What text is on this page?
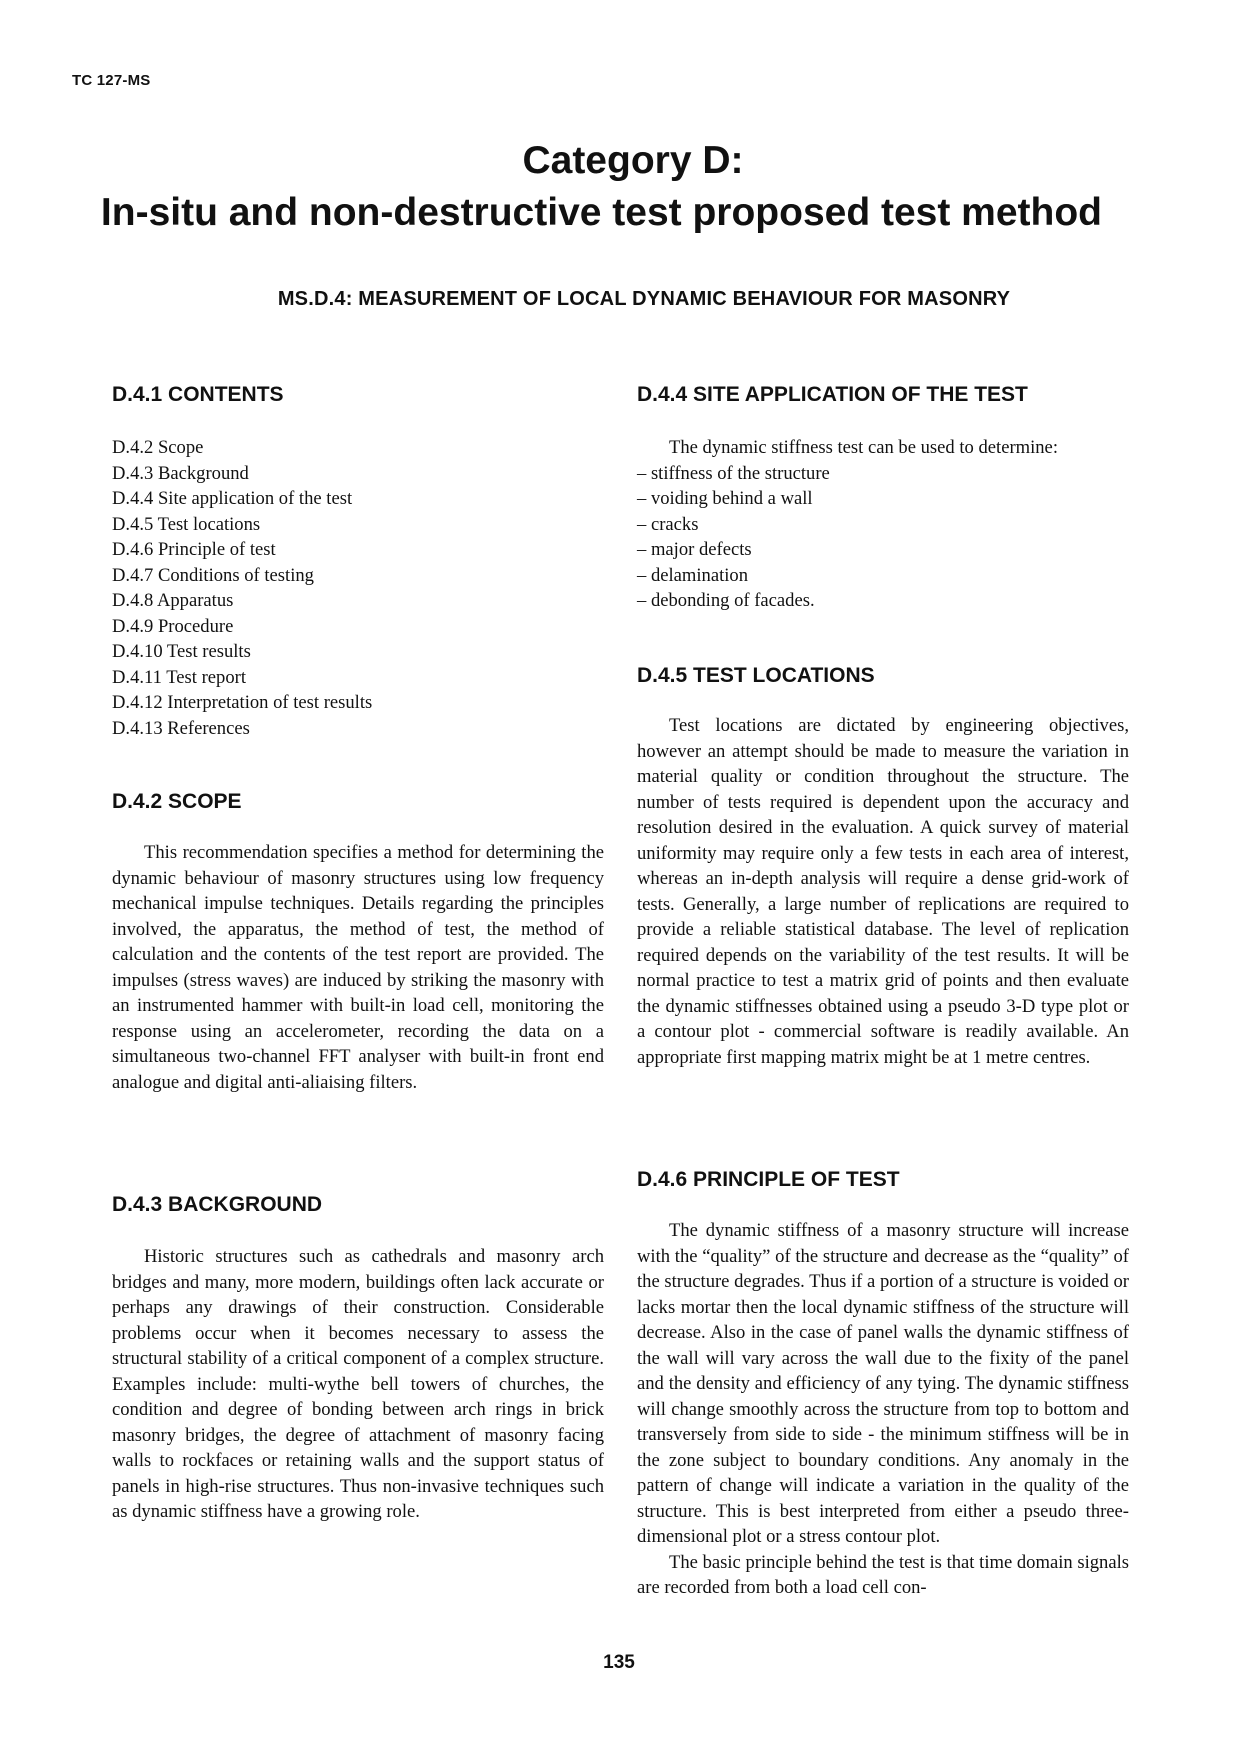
TC 127-MS
Category D:
In-situ and non-destructive test proposed test method
MS.D.4: MEASUREMENT OF LOCAL DYNAMIC BEHAVIOUR FOR MASONRY
D.4.1 CONTENTS
D.4.2 Scope
D.4.3 Background
D.4.4 Site application of the test
D.4.5 Test locations
D.4.6 Principle of test
D.4.7 Conditions of testing
D.4.8 Apparatus
D.4.9 Procedure
D.4.10 Test results
D.4.11 Test report
D.4.12 Interpretation of test results
D.4.13 References
D.4.2 SCOPE

This recommendation specifies a method for determining the dynamic behaviour of masonry structures using low frequency mechanical impulse techniques. Details regarding the principles involved, the apparatus, the method of test, the method of calculation and the contents of the test report are provided. The impulses (stress waves) are induced by striking the masonry with an instrumented hammer with built-in load cell, monitoring the response using an accelerometer, recording the data on a simultaneous two-channel FFT analyser with built-in front end analogue and digital anti-aliaising filters.

D.4.3 BACKGROUND

Historic structures such as cathedrals and masonry arch bridges and many, more modern, buildings often lack accurate or perhaps any drawings of their construction. Considerable problems occur when it becomes necessary to assess the structural stability of a critical component of a complex structure. Examples include: multi-wythe bell towers of churches, the condition and degree of bonding between arch rings in brick masonry bridges, the degree of attachment of masonry facing walls to rockfaces or retaining walls and the support status of panels in high-rise structures. Thus non-invasive techniques such as dynamic stiffness have a growing role.

D.4.4 SITE APPLICATION OF THE TEST
The dynamic stiffness test can be used to determine:
– stiffness of the structure
– voiding behind a wall
– cracks
– major defects
– delamination
– debonding of facades.
D.4.5 TEST LOCATIONS

Test locations are dictated by engineering objectives, however an attempt should be made to measure the variation in material quality or condition throughout the structure. The number of tests required is dependent upon the accuracy and resolution desired in the evaluation. A quick survey of material uniformity may require only a few tests in each area of interest, whereas an in-depth analysis will require a dense grid-work of tests. Generally, a large number of replications are required to provide a reliable statistical database. The level of replication required depends on the variability of the test results. It will be normal practice to test a matrix grid of points and then evaluate the dynamic stiffnesses obtained using a pseudo 3-D type plot or a contour plot - commercial software is readily available. An appropriate first mapping matrix might be at 1 metre centres.

D.4.6 PRINCIPLE OF TEST

The dynamic stiffness of a masonry structure will increase with the “quality” of the structure and decrease as the “quality” of the structure degrades. Thus if a portion of a structure is voided or lacks mortar then the local dynamic stiffness of the structure will decrease. Also in the case of panel walls the dynamic stiffness of the wall will vary across the wall due to the fixity of the panel and the density and efficiency of any tying. The dynamic stiffness will change smoothly across the structure from top to bottom and transversely from side to side - the minimum stiffness will be in the zone subject to boundary conditions. Any anomaly in the pattern of change will indicate a variation in the quality of the structure. This is best interpreted from either a pseudo three-dimensional plot or a stress contour plot.

The basic principle behind the test is that time domain signals are recorded from both a load cell con-

135
